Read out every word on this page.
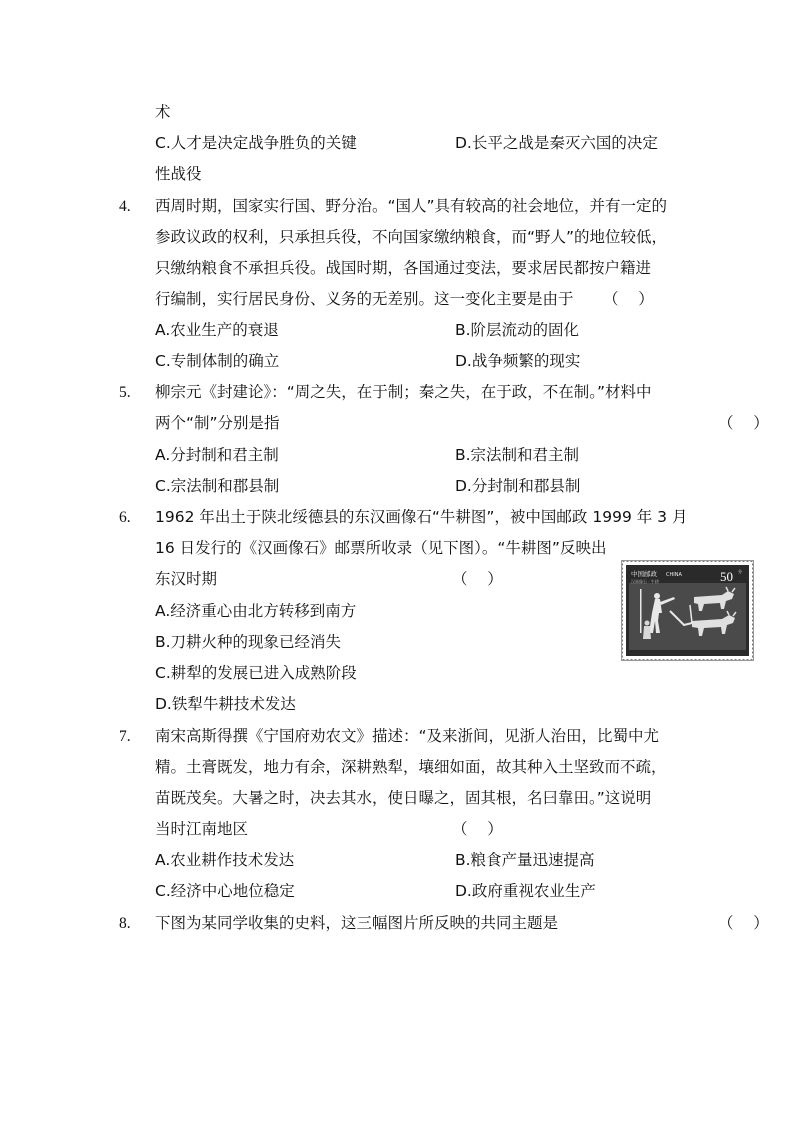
术
C.人才是决定战争胜负的关键	D.长平之战是秦灭六国的决定
性战役
4. 西周时期，国家实行国、野分治。“国人”具有较高的社会地位，并有一定的
参政议政的权利，只承担兵役，不向国家缴纳粮食，而“野人”的地位较低，
只缴纳粮食不承担兵役。战国时期，各国通过变法，要求居民都按户籍进
行编制，实行居民身份、义务的无差别。这一变化主要是由于 （    ）
A.农业生产的衰退	B.阶层流动的固化
C.专制体制的确立	D.战争频繁的现实
5. 柳宗元《封建论》：“周之失，在于制；秦之失，在于政，不在制。”材料中
两个“制”分别是指	（    ）
A.分封制和君主制	B.宗法制和君主制
C.宗法制和郡县制	D.分封制和郡县制
6. 1962 年出土于陕北绥德县的东汉画像石“牛耕图”，被中国邮政 1999 年 3 月
16 日发行的《汉画像石》邮票所收录（见下图）。“牛耕图”反映出
东汉时期	（    ）
A.经济重心由北方转移到南方
B.刀耕火种的现象已经消失
C.耕犁的发展已进入成熟阶段
D.铁犁牛耕技术发达
中国邮政 CHINA
汉画像石 · 牛耕	50 分
7. 南宋高斯得撰《宁国府劝农文》描述：“及来浙间，见浙人治田，比蜀中尤
精。土膏既发，地力有余，深耕熟犁，壤细如面，故其种入土坚致而不疏，
苗既茂矣。大暑之时，决去其水，使日曝之，固其根，名曰靠田。”这说明
当时江南地区	（    ）
A.农业耕作技术发达	B.粮食产量迅速提高
C.经济中心地位稳定	D.政府重视农业生产
8. 下图为某同学收集的史料，这三幅图片所反映的共同主题是	（    ）
